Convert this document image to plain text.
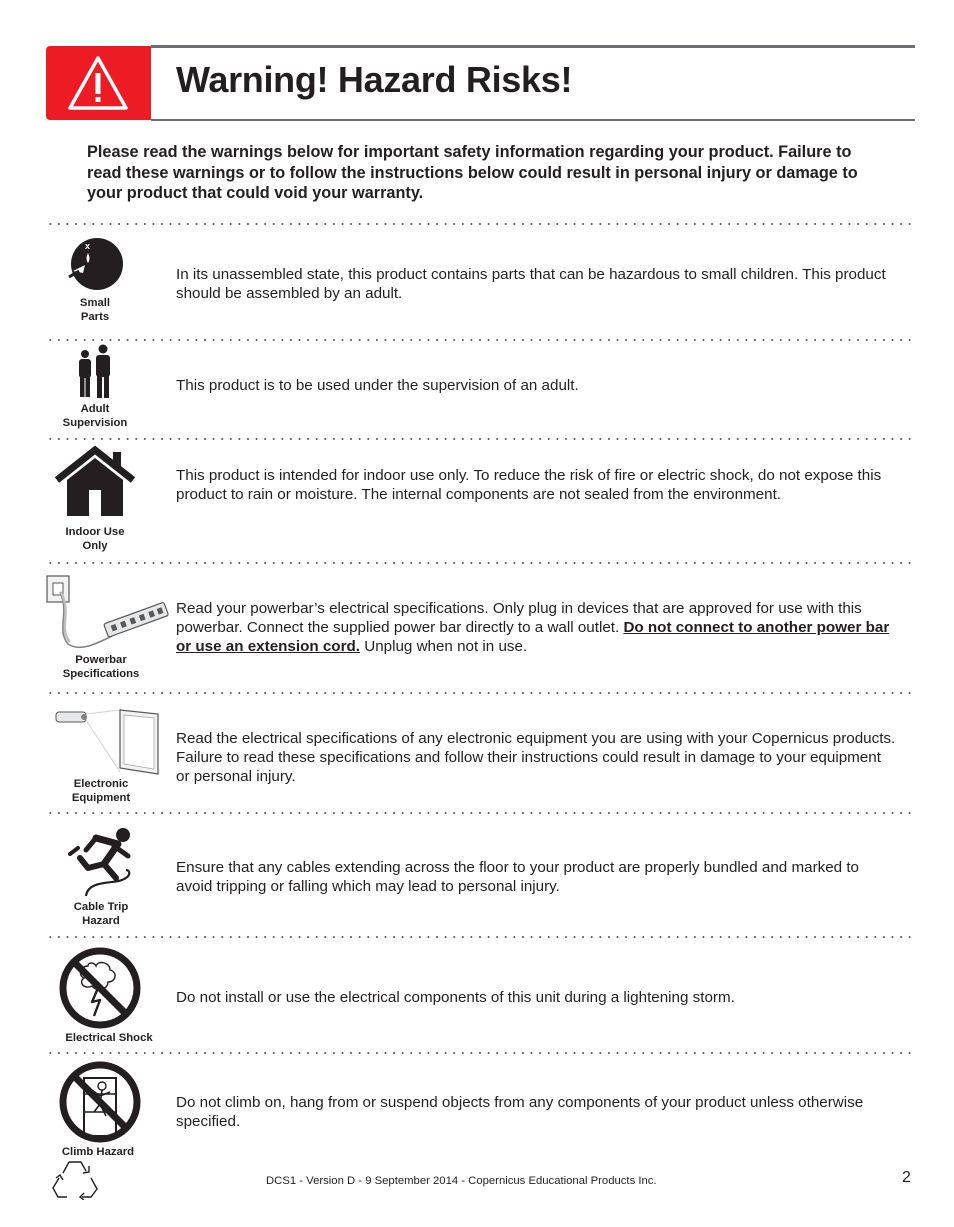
Warning! Hazard Risks!
Please read the warnings below for important safety information regarding your product. Failure to read these warnings or to follow the instructions below could result in personal injury or damage to your product that could void your warranty.
x
Small
Parts
In its unassembled state, this product contains parts that can be hazardous to small children. This product should be assembled by an adult.
Adult
Supervision
This product is to be used under the supervision of an adult.
Indoor Use
Only
This product is intended for indoor use only. To reduce the risk of fire or electric shock, do not expose this product to rain or moisture. The internal components are not sealed from the environment.
Powerbar
Specifications
Read your powerbar’s electrical specifications. Only plug in devices that are approved for use with this powerbar. Connect the supplied power bar directly to a wall outlet. Do not connect to another power bar or use an extension cord. Unplug when not in use.
Electronic
Equipment
Read the electrical specifications of any electronic equipment you are using with your Copernicus products. Failure to read these specifications and follow their instructions could result in damage to your equipment or personal injury.
Cable Trip
Hazard
Ensure that any cables extending across the floor to your product are properly bundled and marked to avoid tripping or falling which may lead to personal injury.
Electrical Shock
Do not install or use the electrical components of this unit during a lightening storm.
Climb Hazard
Do not climb on, hang from or suspend objects from any components of your product unless otherwise specified.
DCS1 - Version D - 9 September 2014 - Copernicus Educational Products Inc.	2
